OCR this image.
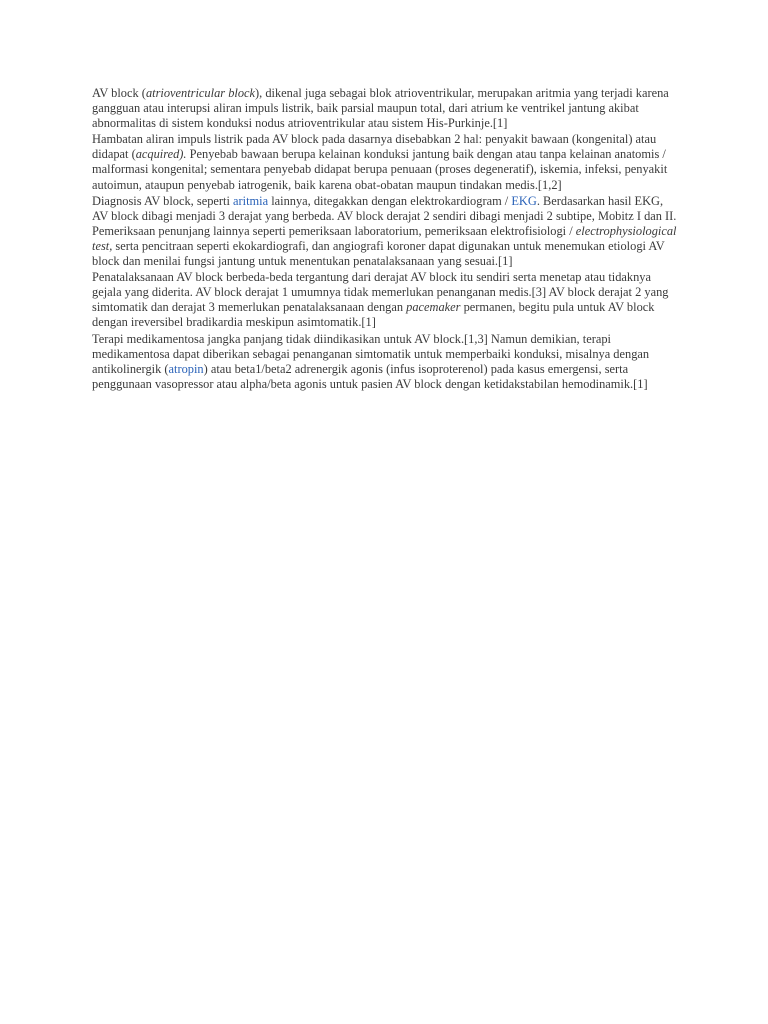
AV block (atrioventricular block), dikenal juga sebagai blok atrioventrikular, merupakan aritmia yang terjadi karena gangguan atau interupsi aliran impuls listrik, baik parsial maupun total, dari atrium ke ventrikel jantung akibat abnormalitas di sistem konduksi nodus atrioventrikular atau sistem His-Purkinje.[1]

Hambatan aliran impuls listrik pada AV block pada dasarnya disebabkan 2 hal: penyakit bawaan (kongenital) atau didapat (acquired). Penyebab bawaan berupa kelainan konduksi jantung baik dengan atau tanpa kelainan anatomis / malformasi kongenital; sementara penyebab didapat berupa penuaan (proses degeneratif), iskemia, infeksi, penyakit autoimun, ataupun penyebab iatrogenik, baik karena obat-obatan maupun tindakan medis.[1,2]

Diagnosis AV block, seperti aritmia lainnya, ditegakkan dengan elektrokardiogram / EKG. Berdasarkan hasil EKG, AV block dibagi menjadi 3 derajat yang berbeda. AV block derajat 2 sendiri dibagi menjadi 2 subtipe, Mobitz I dan II. Pemeriksaan penunjang lainnya seperti pemeriksaan laboratorium, pemeriksaan elektrofisiologi / electrophysiological test, serta pencitraan seperti ekokardiografi, dan angiografi koroner dapat digunakan untuk menemukan etiologi AV block dan menilai fungsi jantung untuk menentukan penatalaksanaan yang sesuai.[1]

Penatalaksanaan AV block berbeda-beda tergantung dari derajat AV block itu sendiri serta menetap atau tidaknya gejala yang diderita. AV block derajat 1 umumnya tidak memerlukan penanganan medis.[3] AV block derajat 2 yang simtomatik dan derajat 3 memerlukan penatalaksanaan dengan pacemaker permanen, begitu pula untuk AV block dengan ireversibel bradikardia meskipun asimtomatik.[1]

Terapi medikamentosa jangka panjang tidak diindikasikan untuk AV block.[1,3] Namun demikian, terapi medikamentosa dapat diberikan sebagai penanganan simtomatik untuk memperbaiki konduksi, misalnya dengan antikolinergik (atropin) atau beta1/beta2 adrenergik agonis (infus isoproterenol) pada kasus emergensi, serta penggunaan vasopressor atau alpha/beta agonis untuk pasien AV block dengan ketidakstabilan hemodinamik.[1]
